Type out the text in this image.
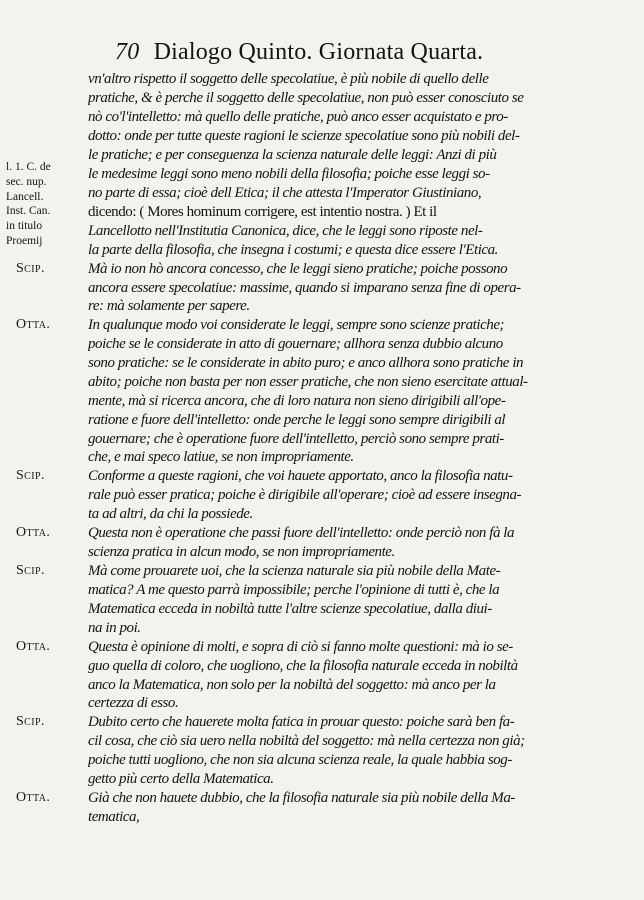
70 Dialogo Quinto. Giornata Quarta.
l. 1. C. de
sec. nup.
Lancell.
Inst. Can.
in titulo
Proemij
Scip.
Otta.
Scip.
Otta.
Scip.
Otta.
Scip.
Otta.
vn'altro rispetto il soggetto delle specolatiue, è più nobile di quello delle
pratiche, & è perche il soggetto delle specolatiue, non può esser conosciuto se
nò co'l'intelletto: mà quello delle pratiche, può anco esser acquistato e pro-
dotto: onde per tutte queste ragioni le scienze specolatiue sono più nobili del-
le pratiche; e per conseguenza la scienza naturale delle leggi: Anzi di più
le medesime leggi sono meno nobili della filosofia; poiche esse leggi so-
no parte di essa; cioè dell Etica; il che attesta l'Imperator Giustiniano,
dicendo: ( Mores hominum corrigere, est intentio nostra. ) Et il
Lancellotto nell'Institutia Canonica, dice, che le leggi sono riposte nel-
la parte della filosofia, che insegna i costumi; e questa dice essere l'Etica.
Mà io non hò ancora concesso, che le leggi sieno pratiche; poiche possono
ancora essere specolatiue: massime, quando si imparano senza fine di opera-
re: mà solamente per sapere.
In qualunque modo voi considerate le leggi, sempre sono scienze pratiche;
poiche se le considerate in atto di gouernare; allhora senza dubbio alcuno
sono pratiche: se le considerate in abito puro; e anco allhora sono pratiche in
abito; poiche non basta per non esser pratiche, che non sieno esercitate attual-
mente, mà si ricerca ancora, che di loro natura non sieno dirigibili all'ope-
ratione e fuore dell'intelletto: onde perche le leggi sono sempre dirigibili al
gouernare; che è operatione fuore dell'intelletto, perciò sono sempre prati-
che, e mai speco latiue, se non impropriamente.
Conforme a queste ragioni, che voi hauete apportato, anco la filosofia natu-
rale può esser pratica; poiche è dirigibile all'operare; cioè ad essere insegna-
ta ad altri, da chi la possiede.
Questa non è operatione che passi fuore dell'intelletto: onde perciò non fà la
scienza pratica in alcun modo, se non impropriamente.
Mà come prouarete uoi, che la scienza naturale sia più nobile della Mate-
matica? A me questo parrà impossibile; perche l'opinione di tutti è, che la
Matematica ecceda in nobiltà tutte l'altre scienze specolatiue, dalla diui-
na in poi.
Questa è opinione di molti, e sopra di ciò si fanno molte questioni: mà io se-
guo quella di coloro, che uogliono, che la filosofia naturale ecceda in nobiltà
anco la Matematica, non solo per la nobiltà del soggetto: mà anco per la
certezza di esso.
Dubito certo che hauerete molta fatica in prouar questo: poiche sarà ben fa-
cil cosa, che ciò sia uero nella nobiltà del soggetto: mà nella certezza non già;
poiche tutti uogliono, che non sia alcuna scienza reale, la quale habbia sog-
getto più certo della Matematica.
Già che non hauete dubbio, che la filosofia naturale sia più nobile della Ma-
tematica,
